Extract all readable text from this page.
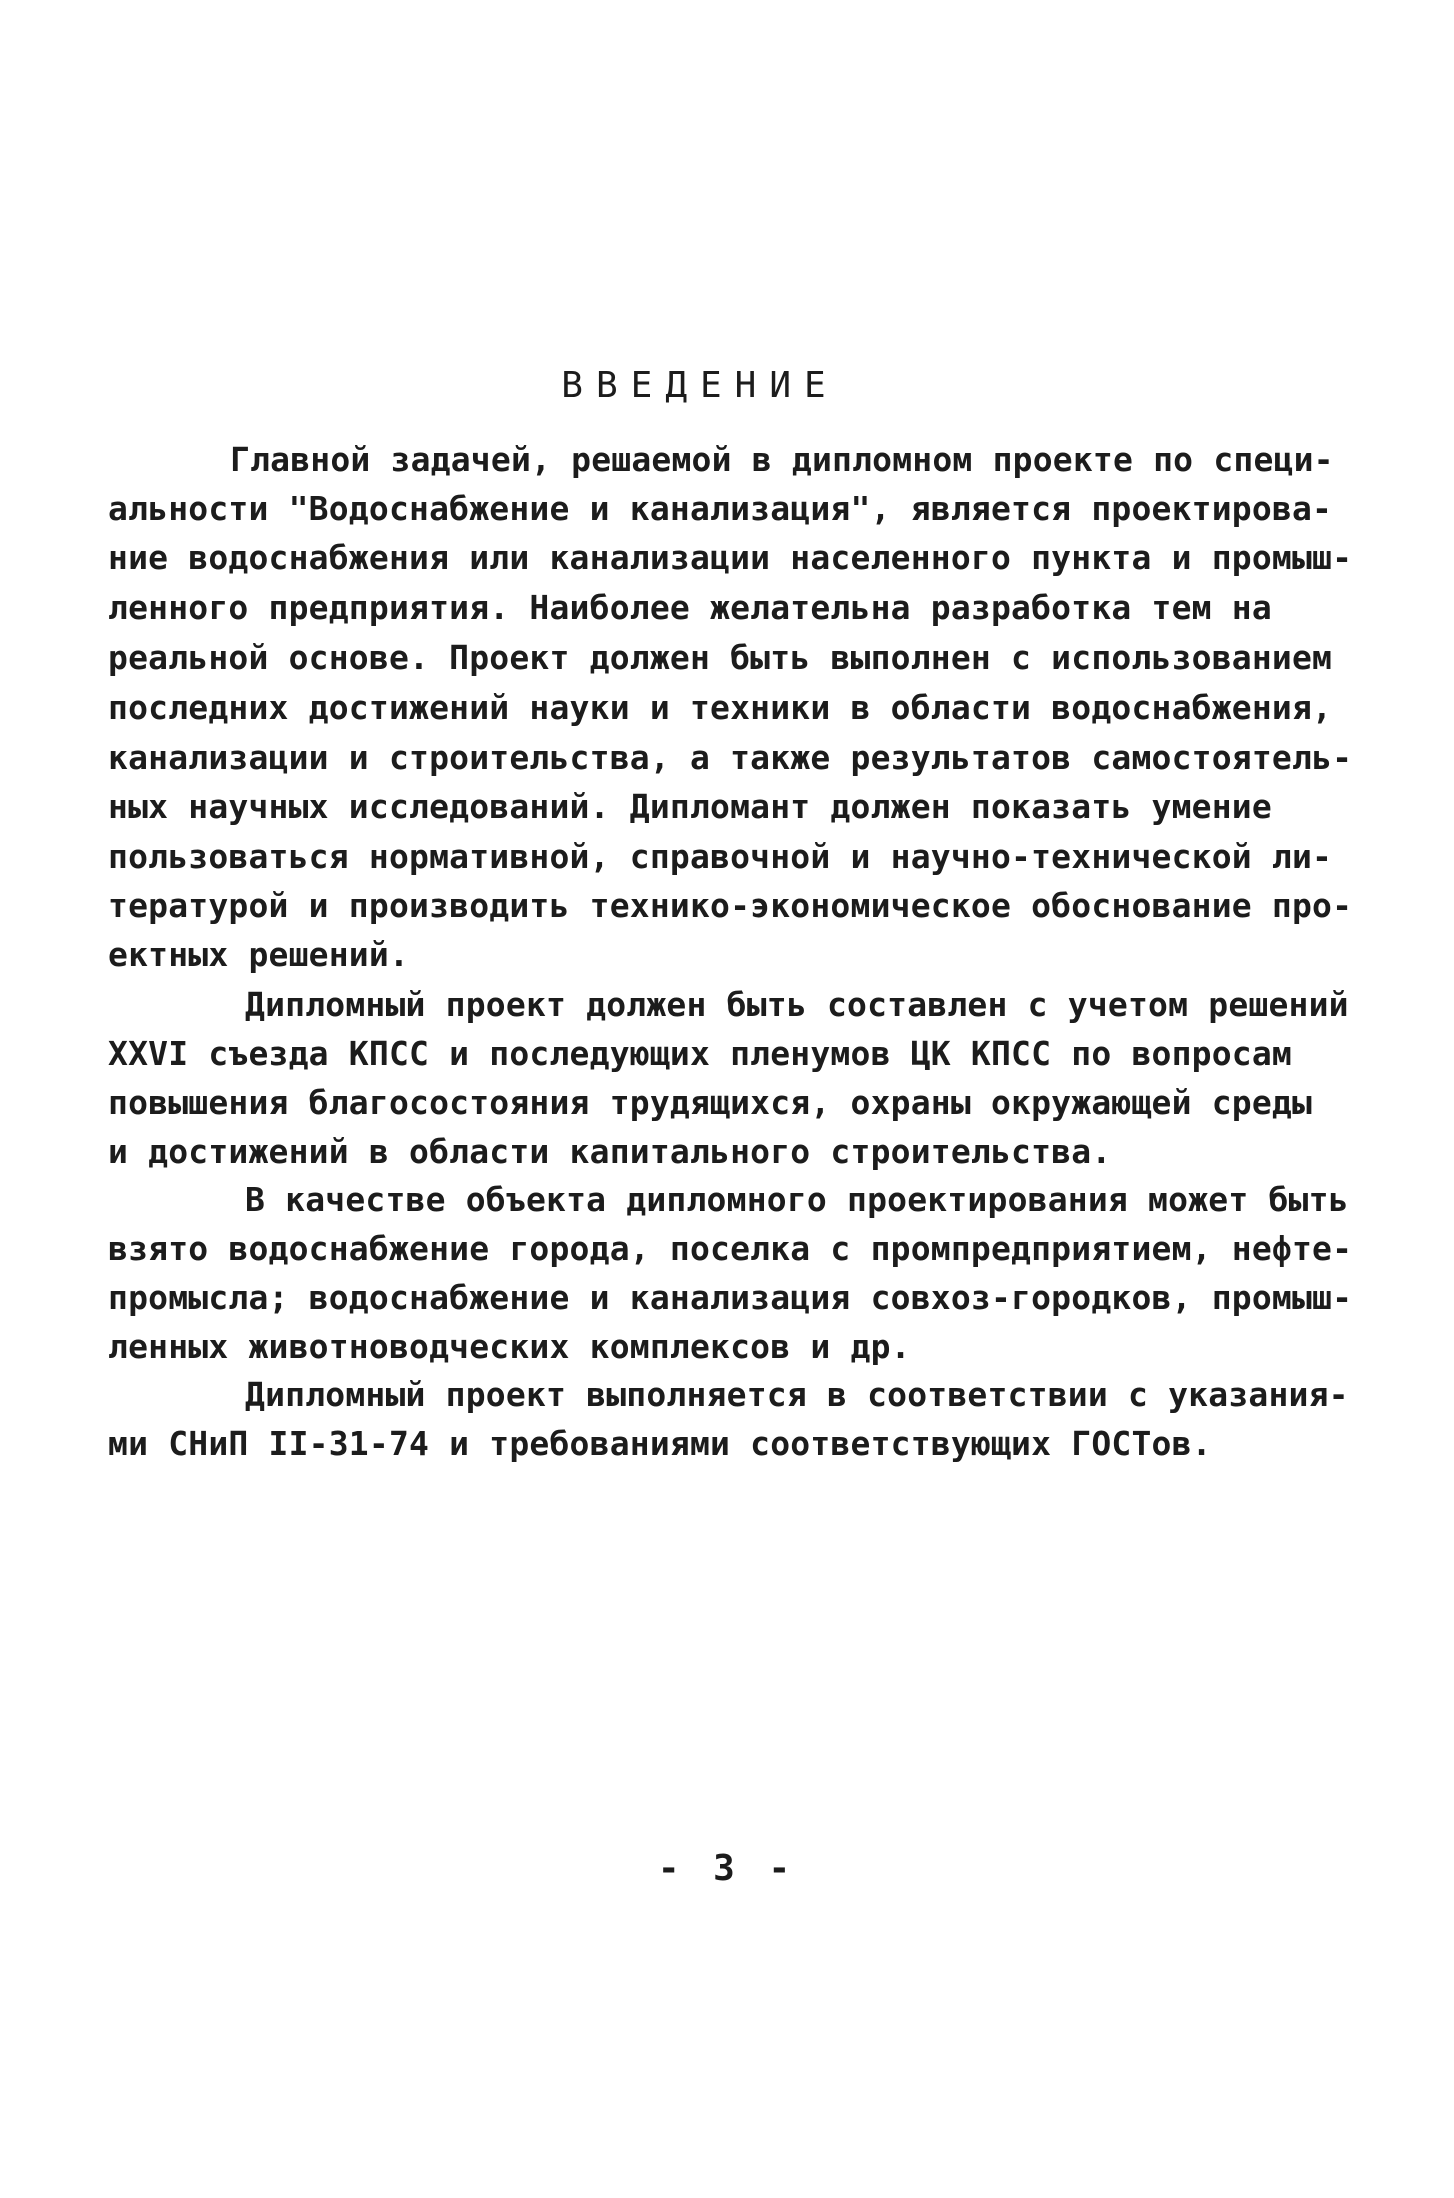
ВВЕДЕНИЕ
Главной задачей, решаемой в дипломном проекте по специ-
альности "Водоснабжение и канализация", является проектирова-
ние водоснабжения или канализации населенного пункта и промыш-
ленного предприятия. Наиболее желательна разработка тем на
реальной основе. Проект должен быть выполнен с использованием
последних достижений науки и техники в области водоснабжения,
канализации и строительства, а также результатов самостоятель-
ных научных исследований. Дипломант должен показать умение
пользоваться нормативной, справочной и научно-технической ли-
тературой и производить технико-экономическое обоснование про-
ектных решений.
Дипломный проект должен быть составлен с учетом решений
XXVI съезда КПСС и последующих пленумов ЦК КПСС по вопросам
повышения благосостояния трудящихся, охраны окружающей среды
и достижений в области капитального строительства.
В качестве объекта дипломного проектирования может быть
взято водоснабжение города, поселка с промпредприятием, нефте-
промысла; водоснабжение и канализация совхоз-городков, промыш-
ленных животноводческих комплексов и др.
Дипломный проект выполняется в соответствии с указания-
ми СНиП II-31-74 и требованиями соответствующих ГОСТов.
- 3 -
